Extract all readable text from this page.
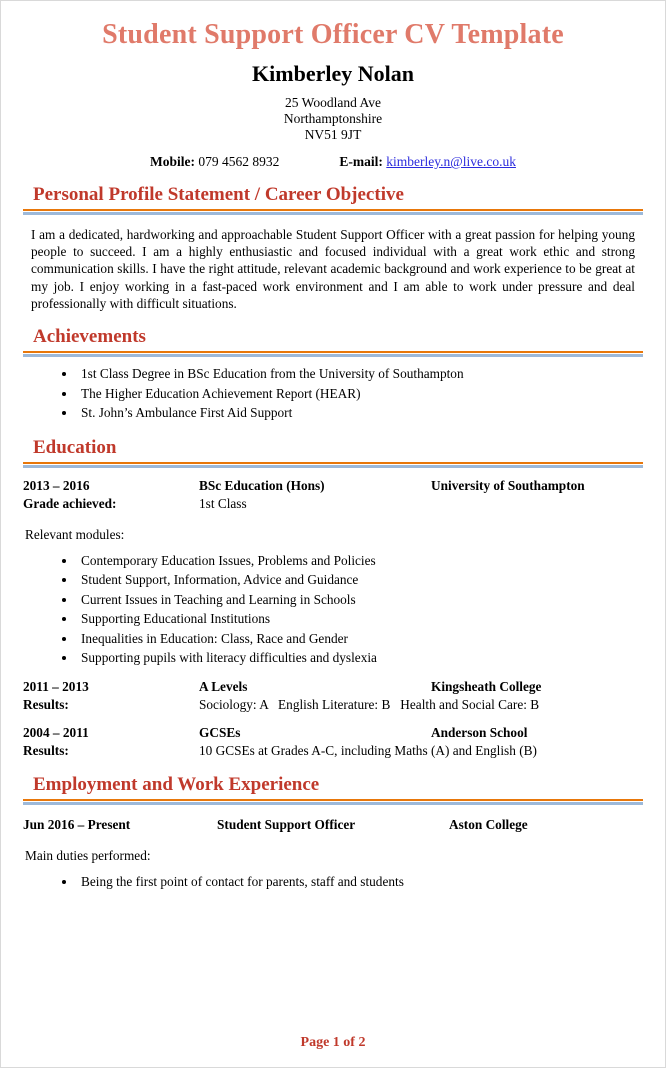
Student Support Officer CV Template
Kimberley Nolan
25 Woodland Ave
Northamptonshire
NV51 9JT
Mobile: 079 4562 8932	E-mail: kimberley.n@live.co.uk
Personal Profile Statement / Career Objective
I am a dedicated, hardworking and approachable Student Support Officer with a great passion for helping young people to succeed. I am a highly enthusiastic and focused individual with a great work ethic and strong communication skills. I have the right attitude, relevant academic background and work experience to be great at my job. I enjoy working in a fast-paced work environment and I am able to work under pressure and deal professionally with difficult situations.
Achievements
• 1st Class Degree in BSc Education from the University of Southampton
• The Higher Education Achievement Report (HEAR)
• St. John’s Ambulance First Aid Support
Education
2013 – 2016	BSc Education (Hons)	University of Southampton
Grade achieved:	1st Class
Relevant modules:
• Contemporary Education Issues, Problems and Policies
• Student Support, Information, Advice and Guidance
• Current Issues in Teaching and Learning in Schools
• Supporting Educational Institutions
• Inequalities in Education: Class, Race and Gender
• Supporting pupils with literacy difficulties and dyslexia
2011 – 2013	A Levels	Kingsheath College
Results:	Sociology: A   English Literature: B   Health and Social Care: B
2004 – 2011	GCSEs	Anderson School
Results:	10 GCSEs at Grades A-C, including Maths (A) and English (B)
Employment and Work Experience
Jun 2016 – Present	Student Support Officer	Aston College
Main duties performed:
• Being the first point of contact for parents, staff and students
Page 1 of 2
